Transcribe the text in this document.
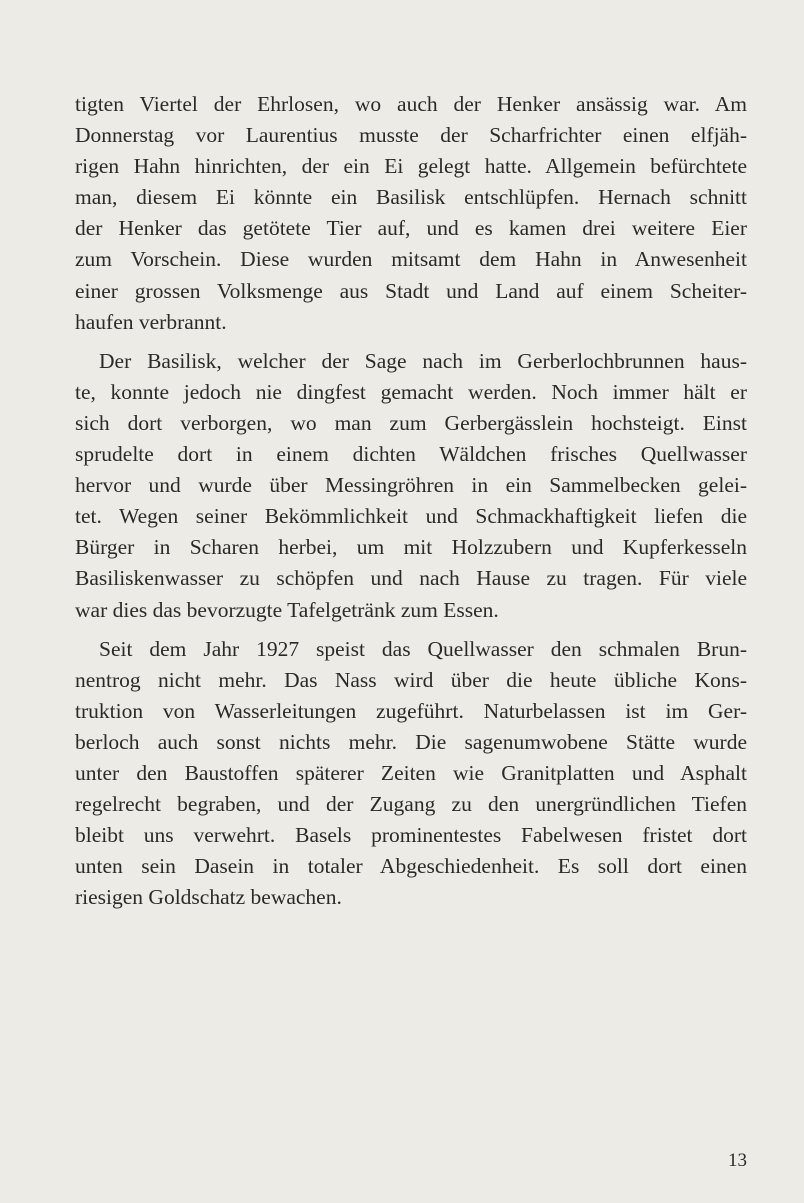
tigten Viertel der Ehrlosen, wo auch der Henker ansässig war. Am
Donnerstag vor Laurentius musste der Scharfrichter einen elfjäh-
rigen Hahn hinrichten, der ein Ei gelegt hatte. Allgemein befürchtete
man, diesem Ei könnte ein Basilisk entschlüpfen. Hernach schnitt
der Henker das getötete Tier auf, und es kamen drei weitere Eier
zum Vorschein. Diese wurden mitsamt dem Hahn in Anwesenheit
einer grossen Volksmenge aus Stadt und Land auf einem Scheiter-
haufen verbrannt.
Der Basilisk, welcher der Sage nach im Gerberlochbrunnen haus-
te, konnte jedoch nie dingfest gemacht werden. Noch immer hält er
sich dort verborgen, wo man zum Gerbergässlein hochsteigt. Einst
sprudelte dort in einem dichten Wäldchen frisches Quellwasser
hervor und wurde über Messingröhren in ein Sammelbecken gelei-
tet. Wegen seiner Bekömmlichkeit und Schmackhaftigkeit liefen die
Bürger in Scharen herbei, um mit Holzzubern und Kupferkesseln
Basiliskenwasser zu schöpfen und nach Hause zu tragen. Für viele
war dies das bevorzugte Tafelgetränk zum Essen.
Seit dem Jahr 1927 speist das Quellwasser den schmalen Brun-
nentrog nicht mehr. Das Nass wird über die heute übliche Kons-
truktion von Wasserleitungen zugeführt. Naturbelassen ist im Ger-
berloch auch sonst nichts mehr. Die sagenumwobene Stätte wurde
unter den Baustoffen späterer Zeiten wie Granitplatten und Asphalt
regelrecht begraben, und der Zugang zu den unergründlichen Tiefen
bleibt uns verwehrt. Basels prominentestes Fabelwesen fristet dort
unten sein Dasein in totaler Abgeschiedenheit. Es soll dort einen
riesigen Goldschatz bewachen.
13
